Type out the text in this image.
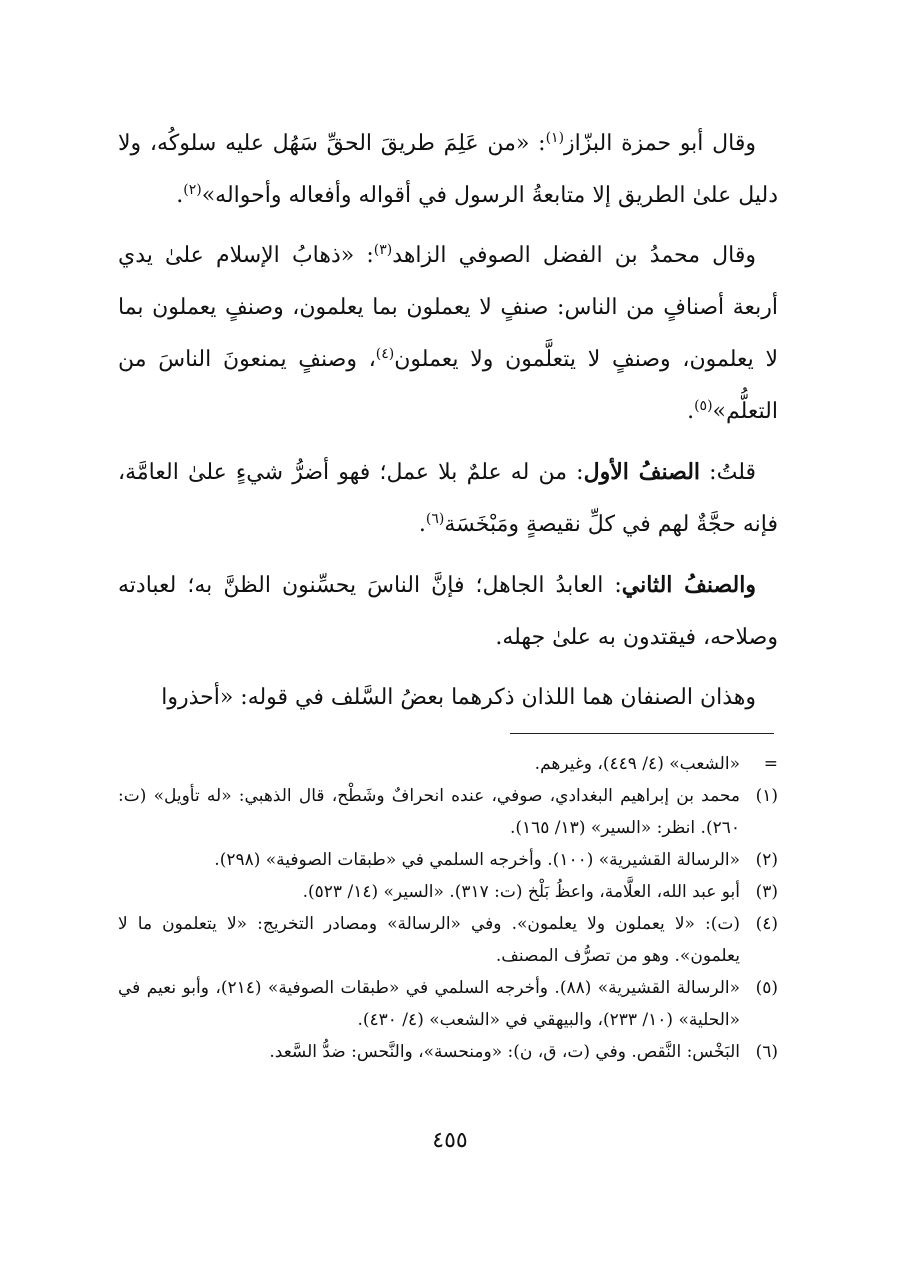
وقال أبو حمزة البزّاز$^{(١)}$: «من عَلِمَ طريقَ الحقِّ سَهُل عليه سلوكُه، ولا دليل علىٰ الطريق إلا متابعةُ الرسول في أقواله وأفعاله وأحواله»$^{(٢)}$.

وقال محمدُ بن الفضل الصوفي الزاهد$^{(٣)}$: «ذهابُ الإسلام علىٰ يدي أربعة أصنافٍ من الناس: صنفٍ لا يعملون بما يعلمون، وصنفٍ يعملون بما لا يعلمون، وصنفٍ لا يتعلَّمون ولا يعملون$^{(٤)}$، وصنفٍ يمنعونَ الناسَ من التعلُّم»$^{(٥)}$.

قلتُ: الصنفُ الأول: من له علمٌ بلا عمل؛ فهو أضرُّ شيءٍ علىٰ العامَّة، فإنه حجَّةٌ لهم في كلِّ نقيصةٍ ومَبْخَسَة$^{(٦)}$.

والصنفُ الثاني: العابدُ الجاهل؛ فإنَّ الناسَ يحسِّنون الظنَّ به؛ لعبادته وصلاحه، فيقتدون به علىٰ جهله.

وهذان الصنفان هما اللذان ذكرهما بعضُ السَّلف في قوله: «أحذروا

=
«الشعب» (٤/ ٤٤٩)، وغيرهم.
(١)
محمد بن إبراهيم البغدادي، صوفي، عنده انحرافٌ وشَطْح، قال الذهبي: «له تأويل» (ت: ٢٦٠). انظر: «السير» (١٣/ ١٦٥).
(٢)
«الرسالة القشيرية» (١٠٠). وأخرجه السلمي في «طبقات الصوفية» (٢٩٨).
(٣)
أبو عبد الله، العلَّامة، واعظُ بَلْخ (ت: ٣١٧). «السير» (١٤/ ٥٢٣).
(٤)
(ت): «لا يعملون ولا يعلمون». وفي «الرسالة» ومصادر التخريج: «لا يتعلمون ما لا يعلمون». وهو من تصرُّف المصنف.
(٥)
«الرسالة القشيرية» (٨٨). وأخرجه السلمي في «طبقات الصوفية» (٢١٤)، وأبو نعيم في «الحلية» (١٠/ ٢٣٣)، والبيهقي في «الشعب» (٤/ ٤٣٠).
(٦)
البَخْس: النَّقص. وفي (ت، ق، ن): «ومنحسة»، والنَّحس: ضدُّ السَّعد.
٤٥٥
